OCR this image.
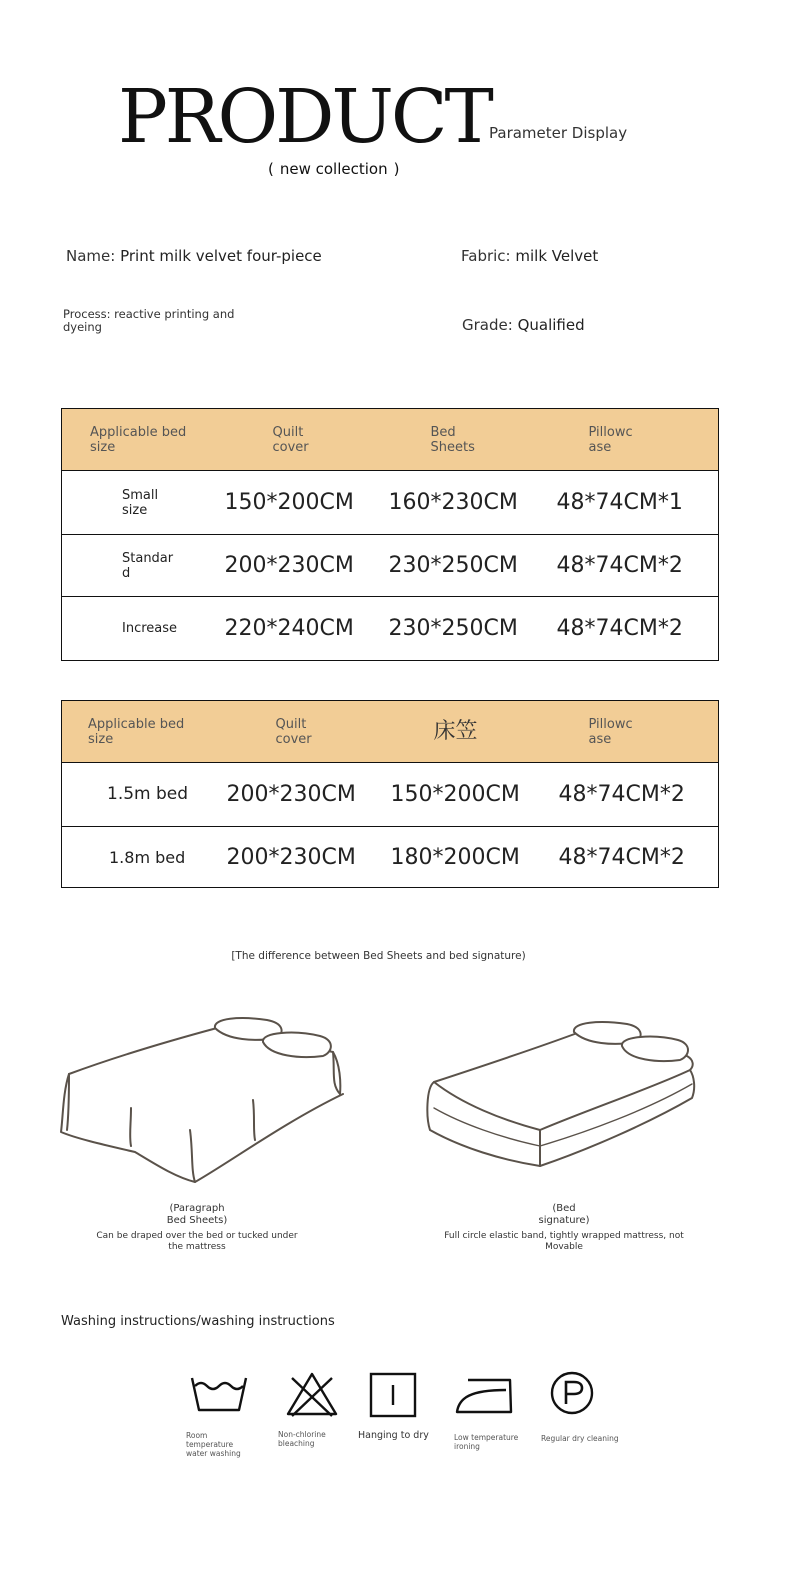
PRODUCT
Parameter Display
( new collection )
Name: Print milk velvet four-piece	Fabric: milk Velvet
Process: reactive printing and dyeing	Grade: Qualified
Applicable bed size	Quilt cover	Bed Sheets	Pillowc ase
Small size	150*200CM	160*230CM	48*74CM*1
Standar d	200*230CM	230*250CM	48*74CM*2
Increase	220*240CM	230*250CM	48*74CM*2
Applicable bed size	Quilt cover	床笠	Pillowc ase
1.5m bed	200*230CM	150*200CM	48*74CM*2
1.8m bed	200*230CM	180*200CM	48*74CM*2
[The difference between Bed Sheets and bed signature)
(Paragraph Bed Sheets)
Can be draped over the bed or tucked under the mattress
(Bed signature)
Full circle elastic band, tightly wrapped mattress, not Movable
Washing instructions/washing instructions
Room temperature water washing
Non-chlorine bleaching
Hanging to dry	Low temperature ironing
Regular dry cleaning
